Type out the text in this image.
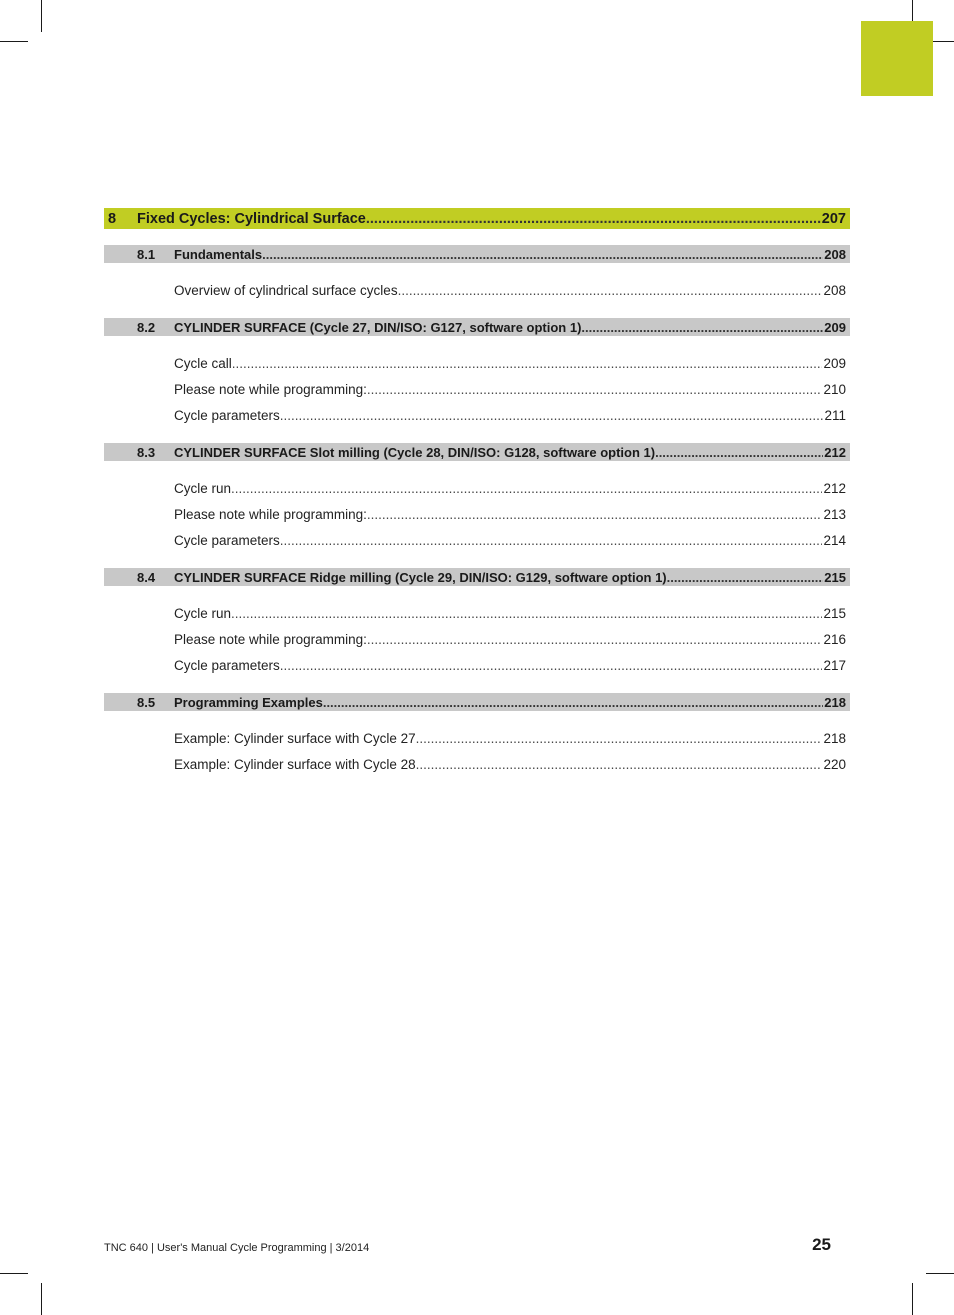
8	Fixed Cycles: Cylindrical Surface .....	207
8.1	Fundamentals .....	208
Overview of cylindrical surface cycles .....	208
8.2	CYLINDER SURFACE (Cycle 27, DIN/ISO: G127, software option 1) .....	209
Cycle call .....	209
Please note while programming: .....	210
Cycle parameters .....	211
8.3	CYLINDER SURFACE Slot milling (Cycle 28, DIN/ISO: G128, software option 1) .....	212
Cycle run .....	212
Please note while programming: .....	213
Cycle parameters .....	214
8.4	CYLINDER SURFACE Ridge milling (Cycle 29, DIN/ISO: G129, software option 1) .....	215
Cycle run .....	215
Please note while programming: .....	216
Cycle parameters .....	217
8.5	Programming Examples .....	218
Example: Cylinder surface with Cycle 27 .....	218
Example: Cylinder surface with Cycle 28 .....	220
TNC 640 | User's Manual Cycle Programming | 3/2014	25
